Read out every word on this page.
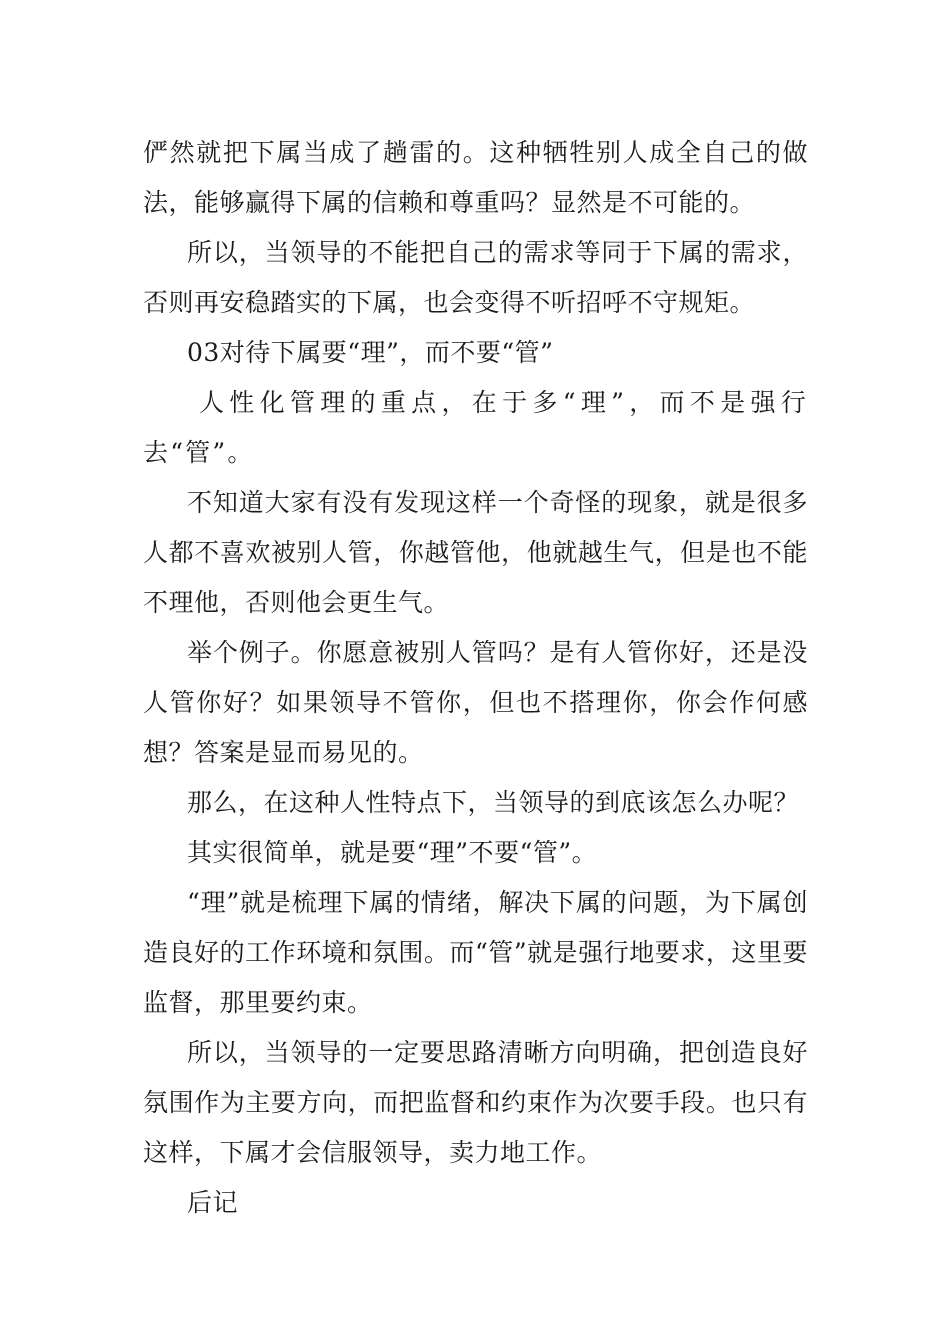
俨然就把下属当成了趟雷的。这种牺牲别人成全自己的做法，能够赢得下属的信赖和尊重吗？显然是不可能的。

所以，当领导的不能把自己的需求等同于下属的需求，否则再安稳踏实的下属，也会变得不听招呼不守规矩。

03对待下属要“理”，而不要“管”

人性化管理的重点，在于多“理”，而不是强行去“管”。

不知道大家有没有发现这样一个奇怪的现象，就是很多人都不喜欢被别人管，你越管他，他就越生气，但是也不能不理他，否则他会更生气。

举个例子。你愿意被别人管吗？是有人管你好，还是没人管你好？如果领导不管你，但也不搭理你，你会作何感想？答案是显而易见的。

那么，在这种人性特点下，当领导的到底该怎么办呢？

其实很简单，就是要“理”不要“管”。

“理”就是梳理下属的情绪，解决下属的问题，为下属创造良好的工作环境和氛围。而“管”就是强行地要求，这里要监督，那里要约束。

所以，当领导的一定要思路清晰方向明确，把创造良好氛围作为主要方向，而把监督和约束作为次要手段。也只有这样，下属才会信服领导，卖力地工作。

后记
